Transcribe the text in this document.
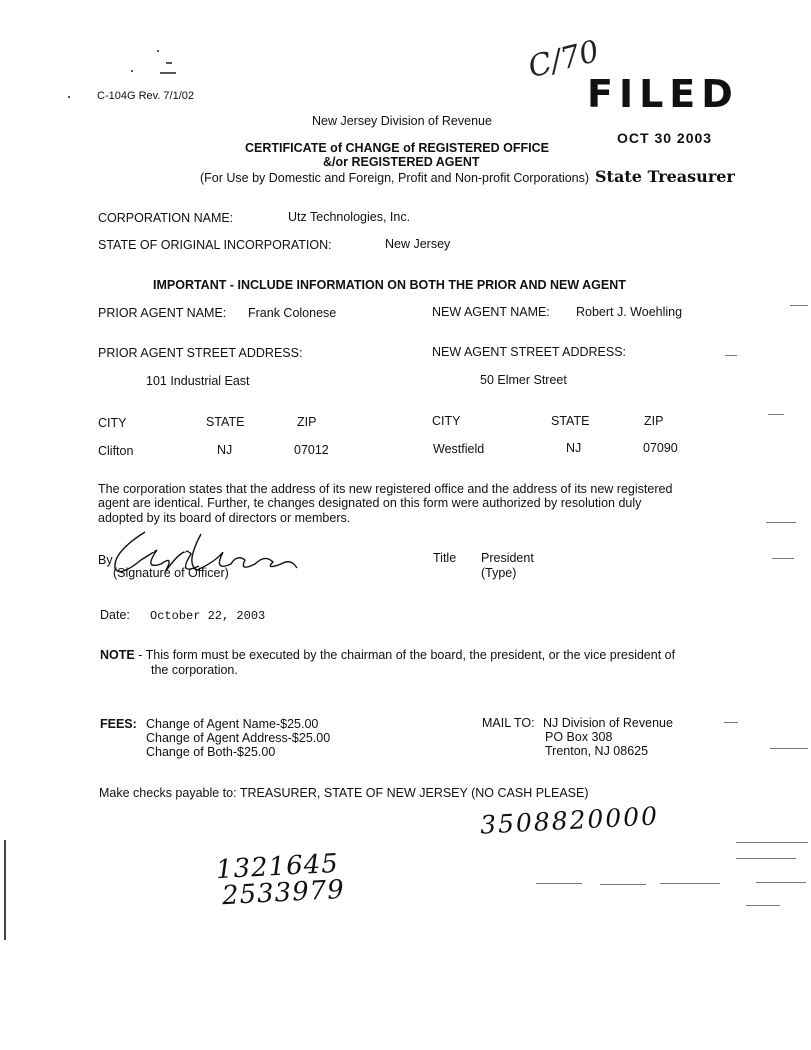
C-104G Rev. 7/1/02
New Jersey Division of Revenue
CERTIFICATE of CHANGE of REGISTERED OFFICE
&/or REGISTERED AGENT
(For Use by Domestic and Foreign, Profit and Non-profit Corporations)
C/70
FILED
OCT 30 2003
State Treasurer
CORPORATION NAME:	Utz Technologies, Inc.
STATE OF ORIGINAL INCORPORATION:	New Jersey
IMPORTANT - INCLUDE INFORMATION ON BOTH THE PRIOR AND NEW AGENT
PRIOR AGENT NAME: Frank Colonese	NEW AGENT NAME: Robert J. Woehling
PRIOR AGENT STREET ADDRESS:	NEW AGENT STREET ADDRESS:
101 Industrial East	50 Elmer Street
CITY	STATE	ZIP	CITY	STATE	ZIP
Clifton	NJ	07012	Westfield	NJ	07090
The corporation states that the address of its new registered office and the address of its new registered
agent are identical. Further, te changes designated on this form were authorized by resolution duly
adopted by its board of directors or members.
By
Frank Colonese
(Signature of Officer)
Title President
(Type)
Date: October 22, 2003
NOTE - This form must be executed by the chairman of the board, the president, or the vice president of
the corporation.
FEES: Change of Agent Name-$25.00
Change of Agent Address-$25.00
Change of Both-$25.00
MAIL TO: NJ Division of Revenue
PO Box 308
Trenton, NJ 08625
Make checks payable to: TREASURER, STATE OF NEW JERSEY (NO CASH PLEASE)
3508820000
1321645
2533979
